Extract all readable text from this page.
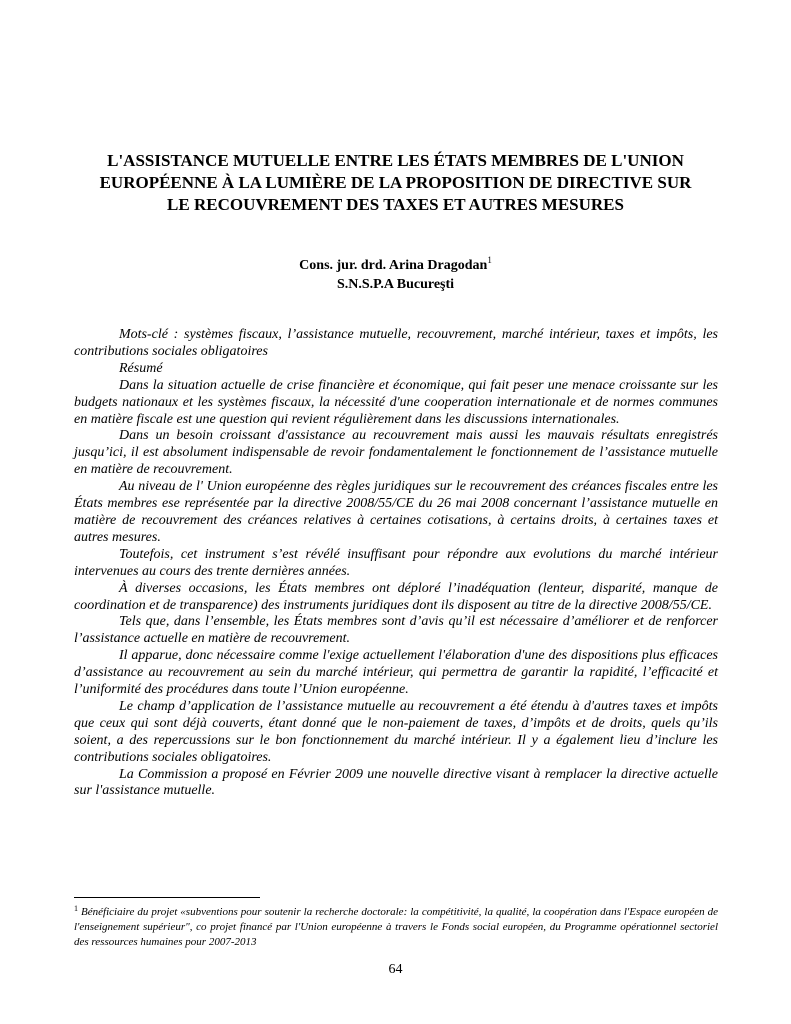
L'ASSISTANCE MUTUELLE ENTRE LES ÉTATS MEMBRES DE L'UNION
EUROPÉENNE À LA LUMIÈRE DE LA PROPOSITION DE DIRECTIVE SUR
LE RECOUVREMENT DES TAXES ET AUTRES MESURES
Cons. jur. drd. Arina Dragodan$^1$
S.N.S.P.A Bucureşti

Mots-clé : systèmes fiscaux, l’assistance mutuelle, recouvrement, marché intérieur, taxes et impôts, les contributions sociales obligatoires

Résumé

Dans la situation actuelle de crise financière et économique, qui fait peser une menace croissante sur les budgets nationaux et les systèmes fiscaux, la nécessité d'une cooperation internationale et de normes communes en matière fiscale est une question qui revient régulièrement dans les discussions internationales.

Dans un besoin croissant d'assistance au recouvrement mais aussi les mauvais résultats enregistrés jusqu’ici, il est absolument indispensable de revoir fondamentalement le fonctionnement de l’assistance mutuelle en matière de recouvrement.

Au niveau de l' Union européenne des règles juridiques sur le recouvrement des créances fiscales entre les États membres ese représentée par la directive 2008/55/CE du 26 mai 2008 concernant l’assistance mutuelle en matière de recouvrement des créances relatives à certaines cotisations, à certains droits, à certaines taxes et autres mesures.

Toutefois, cet instrument s’est révélé insuffisant pour répondre aux evolutions du marché intérieur intervenues au cours des trente dernières années.

À diverses occasions, les États membres ont déploré l’inadéquation (lenteur, disparité, manque de coordination et de transparence) des instruments juridiques dont ils disposent au titre de la directive 2008/55/CE.

Tels que, dans l’ensemble, les États membres sont d’avis qu’il est nécessaire d’améliorer et de renforcer l’assistance actuelle en matière de recouvrement.

Il apparue, donc nécessaire comme l'exige actuellement l'élaboration d'une des dispositions plus efficaces d’assistance au recouvrement au sein du marché intérieur, qui permettra de garantir la rapidité, l’efficacité et l’uniformité des procédures dans toute l’Union européenne.

Le champ d’application de l’assistance mutuelle au recouvrement a été étendu à d'autres taxes et impôts que ceux qui sont déjà couverts, étant donné que le non-paiement de taxes, d’impôts et de droits, quels qu’ils soient, a des repercussions sur le bon fonctionnement du marché intérieur. Il y a également lieu d’inclure les contributions sociales obligatoires.

La Commission a proposé en Février 2009 une nouvelle directive visant à remplacer la directive actuelle sur l'assistance mutuelle.

$^1$ Bénéficiaire du projet «subventions pour soutenir la recherche doctorale: la compétitivité, la qualité, la coopération dans l'Espace européen de l'enseignement supérieur", co projet financé par l'Union européenne à travers le Fonds social européen, du Programme opérationnel sectoriel des ressources humaines pour 2007-2013
64
